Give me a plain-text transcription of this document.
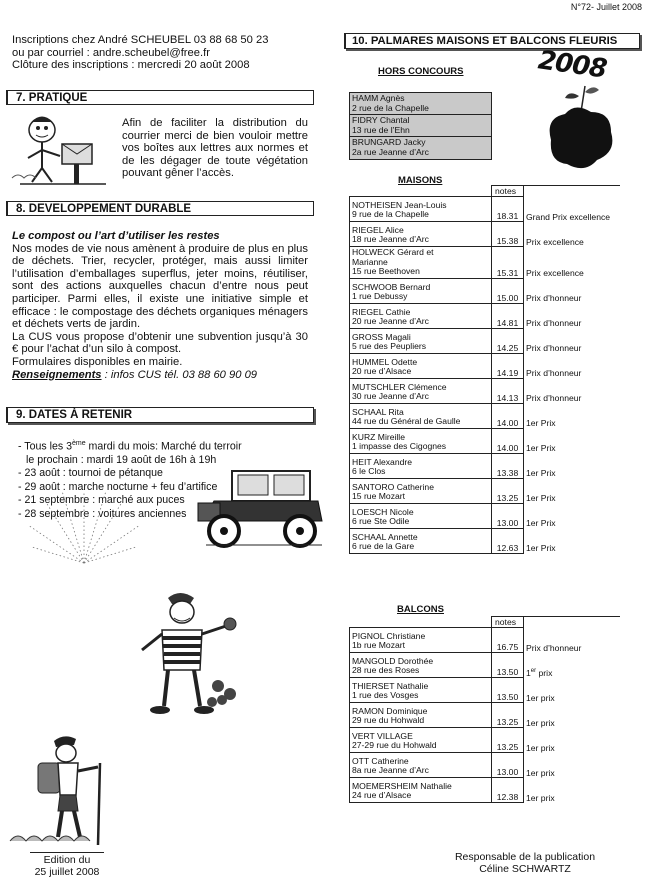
N°72- Juillet 2008
Inscriptions chez André SCHEUBEL 03 88 68 50 23
ou par courriel : andre.scheubel@free.fr
Clôture des inscriptions : mercredi 20 août 2008
7. PRATIQUE
Afin de faciliter la distribution du courrier merci de bien vouloir mettre vos boîtes aux lettres aux normes et de les dégager de toute végétation pouvant gêner l’accès.
8. DEVELOPPEMENT DURABLE
Le compost ou l’art d’utiliser les restes
Nos modes de vie nous amènent à produire de plus en plus de déchets. Trier, recycler, protéger, mais aussi limiter l’utilisation d’emballages superflus, jeter moins, réutiliser, sont des actions auxquelles chacun d’entre nous peut participer. Parmi elles, il existe une initiative simple et efficace : le compostage des déchets organiques ménagers et déchets verts de jardin.
La CUS vous propose d’obtenir une subvention jusqu’à 30 € pour l’achat d’un silo à compost.
Formulaires disponibles en mairie.
Renseignements : infos CUS tél. 03 88 60 90 09
9. DATES À RETENIR
- Tous les 3ème mardi du mois: Marché du terroir
le prochain : mardi 19 août de 16h à 19h
- 23 août : tournoi de pétanque
- 29 août : marche nocturne + feu d’artifice
- 21 septembre : marché aux puces
- 28 septembre : voitures anciennes
Edition du
25 juillet 2008
10. PALMARES MAISONS ET BALCONS FLEURIS
HORS CONCOURS
HAMM Agnès
2 rue de la Chapelle

FIDRY Chantal
13 rue de l’Ehn

BRUNGARD Jacky
2a rue Jeanne d’Arc
2008
MAISONS
	notes	

NOTHEISEN Jean-Louis
9 rue de la Chapelle	18.31	Grand Prix excellence

RIEGEL Alice
18 rue Jeanne d’Arc	15.38	Prix excellence

HOLWECK Gérard et
Marianne
15 rue Beethoven	15.31	Prix excellence

SCHWOOB Bernard
1 rue Debussy	15.00	Prix d’honneur

RIEGEL Cathie
20 rue Jeanne d’Arc	14.81	Prix d’honneur

GROSS Magali
5 rue des Peupliers	14.25	Prix d’honneur

HUMMEL Odette
20 rue d’Alsace	14.19	Prix d’honneur

MUTSCHLER Clémence
30 rue Jeanne d’Arc	14.13	Prix d’honneur

SCHAAL Rita
44 rue du Général de Gaulle	14.00	1er Prix

KURZ Mireille
1 impasse des Cigognes	14.00	1er Prix

HEIT Alexandre
6 le Clos	13.38	1er Prix

SANTORO Catherine
15 rue Mozart	13.25	1er Prix

LOESCH Nicole
6 rue Ste Odile	13.00	1er Prix

SCHAAL Annette
6 rue de la Gare	12.63	1er Prix
BALCONS
	notes	

PIGNOL Christiane
1b rue Mozart	16.75	Prix d’honneur

MANGOLD Dorothée
28 rue des Roses	13.50	1er prix

THIERSET Nathalie
1 rue des Vosges	13.50	1er prix

RAMON Dominique
29 rue du Hohwald	13.25	1er prix

VERT VILLAGE
27-29 rue du Hohwald	13.25	1er prix

OTT Catherine
8a rue Jeanne d’Arc	13.00	1er prix

MOEMERSHEIM Nathalie
24 rue d’Alsace	12.38	1er prix
Responsable de la publication
Céline SCHWARTZ
